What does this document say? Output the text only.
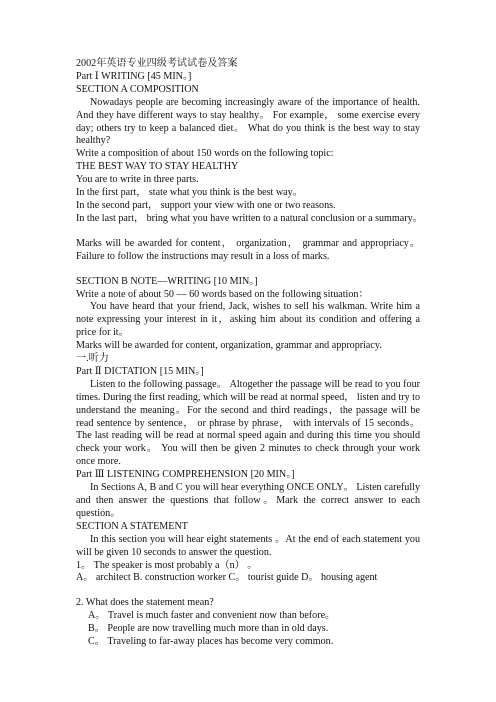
2002年英语专业四级考试试卷及答案
Part Ⅰ WRITING [45 MIN。]
SECTION A COMPOSITION
Nowadays people are becoming increasingly aware of the importance of health. And they have different ways to stay healthy。 For example， some exercise every day; others try to keep a balanced diet。 What do you think is the best way to stay healthy?
Write a composition of about 150 words on the following topic:
THE BEST WAY TO STAY HEALTHY
You are to write in three parts.
In the first part， state what you think is the best way。
In the second part， support your view with one or two reasons.
In the last part， bring what you have written to a natural conclusion or a summary。
Marks will be awarded for content， organization， grammar and appropriacy。 Failure to follow the instructions may result in a loss of marks.
SECTION B NOTE—WRITING [10 MIN。]
Write a note of about 50 — 60 words based on the following situation：
You have heard that your friend, Jack, wishes to sell his walkman. Write him a note expressing your interest in it，asking him about its condition and offering a price for it。
Marks will be awarded for content, organization, grammar and appropriacy.
一.听力
Part Ⅱ DICTATION [15 MIN。]
Listen to the following passage。 Altogether the passage will be read to you four times. During the first reading, which will be read at normal speed， listen and try to understand the meaning。For the second and third readings，the passage will be read sentence by sentence， or phrase by phrase， with intervals of 15 seconds。 The last reading will be read at normal speed again and during this time you should check your work。 You will then be given 2 minutes to check through your work once more.
Part Ⅲ LISTENING COMPREHENSION [20 MIN。]
In Sections A, B and C you will hear everything ONCE ONLY。 Listen carefully and then answer the questions that follow。Mark the correct answer to each question。
SECTION A STATEMENT
In this section you will hear eight statements 。At the end of each statement you will be given 10 seconds to answer the question.
1。 The speaker is most probably a（n） 。
A。 architect B. construction worker C。 tourist guide D。 housing agent
2. What does the statement mean?
A。 Travel is much faster and convenient now than before。
B。 People are now travelling much more than in old days.
C。 Traveling to far-away places has become very common.
